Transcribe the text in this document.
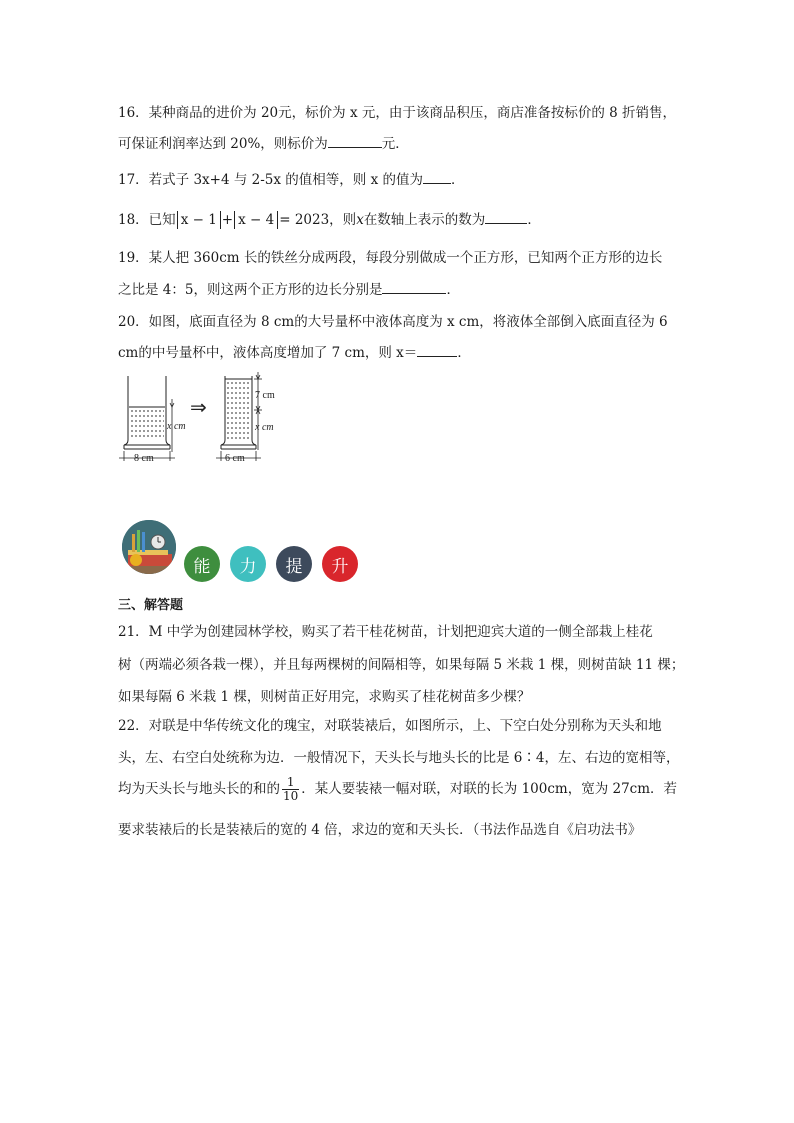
16．某种商品的进价为 20元，标价为 x 元，由于该商品积压，商店准备按标价的 8 折销售，
可保证利润率达到 20%，则标价为	元．
17．若式子 3x+4 与 2-5x 的值相等，则 x 的值为 ．
18．已知 x − 1 + x − 4 = 2023，则x在数轴上表示的数为	．
19．某人把 360cm 长的铁丝分成两段，每段分别做成一个正方形，已知两个正方形的边长
之比是 4：5，则这两个正方形的边长分别是	．
20．如图，底面直径为 8 cm的大号量杯中液体高度为 x cm，将液体全部倒入底面直径为 6
cm的中号量杯中，液体高度增加了 7 cm，则 x＝	．
x cm
8 cm
⇒	7 cm
x cm
6 cm
能	力	提	升
三、解答题
21．M 中学为创建园林学校，购买了若干桂花树苗，计划把迎宾大道的一侧全部栽上桂花
树（两端必须各栽一棵），并且每两棵树的间隔相等，如果每隔 5 米栽 1 棵，则树苗缺 11 棵；
如果每隔 6 米栽 1 棵，则树苗正好用完，求购买了桂花树苗多少棵？
22．对联是中华传统文化的瑰宝，对联装裱后，如图所示，上、下空白处分别称为天头和地
头，左、右空白处统称为边．一般情况下，天头长与地头长的比是 6∶4，左、右边的宽相等，
均为天头长与地头长的和的 $\frac{1}{10}$ ．某人要装裱一幅对联，对联的长为 100cm，宽为 27cm．若
要求装裱后的长是装裱后的宽的 4 倍，求边的宽和天头长．（书法作品选自《启功法书》
